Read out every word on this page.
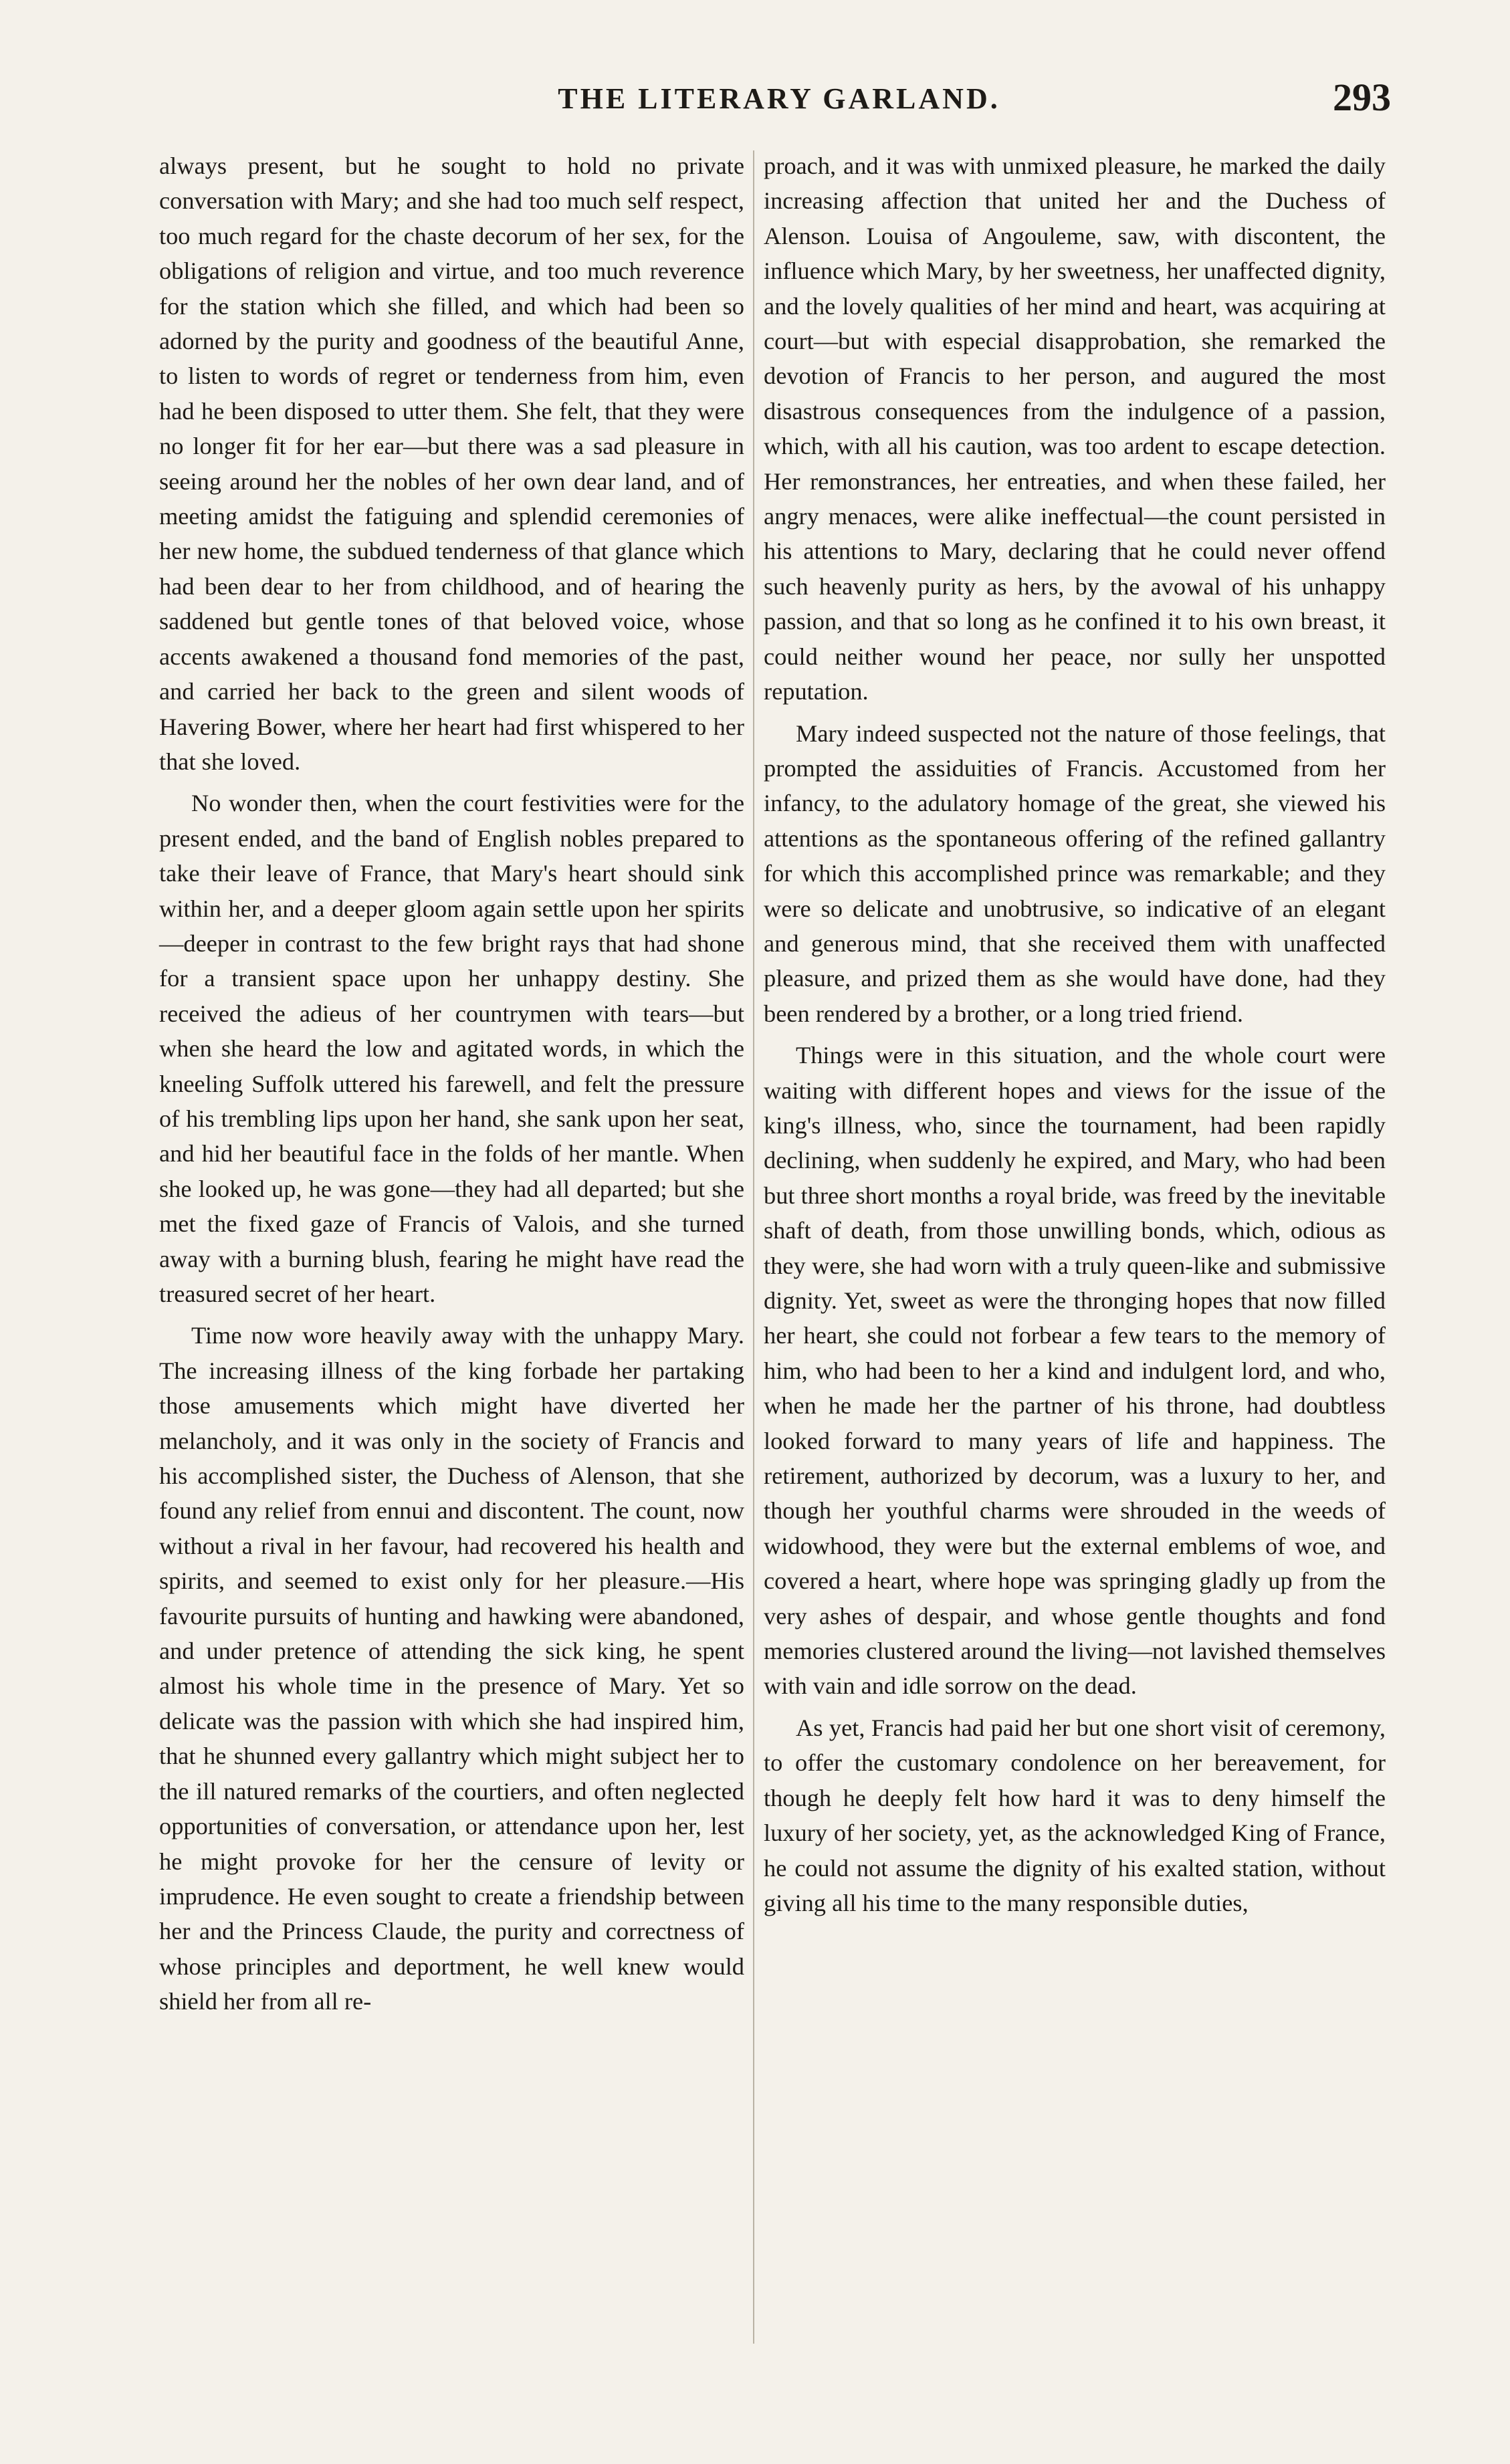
THE LITERARY GARLAND.	293

always present, but he sought to hold no private conversation with Mary; and she had too much self respect, too much regard for the chaste decorum of her sex, for the obligations of religion and virtue, and too much reverence for the station which she filled, and which had been so adorned by the purity and goodness of the beautiful Anne, to listen to words of regret or tenderness from him, even had he been disposed to utter them. She felt, that they were no longer fit for her ear—but there was a sad pleasure in seeing around her the nobles of her own dear land, and of meeting amidst the fatiguing and splendid ceremonies of her new home, the subdued tenderness of that glance which had been dear to her from childhood, and of hearing the saddened but gentle tones of that beloved voice, whose accents awakened a thousand fond memories of the past, and carried her back to the green and silent woods of Havering Bower, where her heart had first whispered to her that she loved.

No wonder then, when the court festivities were for the present ended, and the band of English nobles prepared to take their leave of France, that Mary's heart should sink within her, and a deeper gloom again settle upon her spirits—deeper in contrast to the few bright rays that had shone for a transient space upon her unhappy destiny. She received the adieus of her countrymen with tears—but when she heard the low and agitated words, in which the kneeling Suffolk uttered his farewell, and felt the pressure of his trembling lips upon her hand, she sank upon her seat, and hid her beautiful face in the folds of her mantle. When she looked up, he was gone—they had all departed; but she met the fixed gaze of Francis of Valois, and she turned away with a burning blush, fearing he might have read the treasured secret of her heart.

Time now wore heavily away with the unhappy Mary. The increasing illness of the king forbade her partaking those amusements which might have diverted her melancholy, and it was only in the society of Francis and his accomplished sister, the Duchess of Alenson, that she found any relief from ennui and discontent. The count, now without a rival in her favour, had recovered his health and spirits, and seemed to exist only for her pleasure.—His favourite pursuits of hunting and hawking were abandoned, and under pretence of attending the sick king, he spent almost his whole time in the presence of Mary. Yet so delicate was the passion with which she had inspired him, that he shunned every gallantry which might subject her to the ill natured remarks of the courtiers, and often neglected opportunities of conversation, or attendance upon her, lest he might provoke for her the censure of levity or imprudence. He even sought to create a friendship between her and the Princess Claude, the purity and correctness of whose principles and deportment, he well knew would shield her from all re-

proach, and it was with unmixed pleasure, he marked the daily increasing affection that united her and the Duchess of Alenson. Louisa of Angouleme, saw, with discontent, the influence which Mary, by her sweetness, her unaffected dignity, and the lovely qualities of her mind and heart, was acquiring at court—but with especial disapprobation, she remarked the devotion of Francis to her person, and augured the most disastrous consequences from the indulgence of a passion, which, with all his caution, was too ardent to escape detection. Her remonstrances, her entreaties, and when these failed, her angry menaces, were alike ineffectual—the count persisted in his attentions to Mary, declaring that he could never offend such heavenly purity as hers, by the avowal of his unhappy passion, and that so long as he confined it to his own breast, it could neither wound her peace, nor sully her unspotted reputation.

Mary indeed suspected not the nature of those feelings, that prompted the assiduities of Francis. Accustomed from her infancy, to the adulatory homage of the great, she viewed his attentions as the spontaneous offering of the refined gallantry for which this accomplished prince was remarkable; and they were so delicate and unobtrusive, so indicative of an elegant and generous mind, that she received them with unaffected pleasure, and prized them as she would have done, had they been rendered by a brother, or a long tried friend.

Things were in this situation, and the whole court were waiting with different hopes and views for the issue of the king's illness, who, since the tournament, had been rapidly declining, when suddenly he expired, and Mary, who had been but three short months a royal bride, was freed by the inevitable shaft of death, from those unwilling bonds, which, odious as they were, she had worn with a truly queen-like and submissive dignity. Yet, sweet as were the thronging hopes that now filled her heart, she could not forbear a few tears to the memory of him, who had been to her a kind and indulgent lord, and who, when he made her the partner of his throne, had doubtless looked forward to many years of life and happiness. The retirement, authorized by decorum, was a luxury to her, and though her youthful charms were shrouded in the weeds of widowhood, they were but the external emblems of woe, and covered a heart, where hope was springing gladly up from the very ashes of despair, and whose gentle thoughts and fond memories clustered around the living—not lavished themselves with vain and idle sorrow on the dead.

As yet, Francis had paid her but one short visit of ceremony, to offer the customary condolence on her bereavement, for though he deeply felt how hard it was to deny himself the luxury of her society, yet, as the acknowledged King of France, he could not assume the dignity of his exalted station, without giving all his time to the many responsible duties,
